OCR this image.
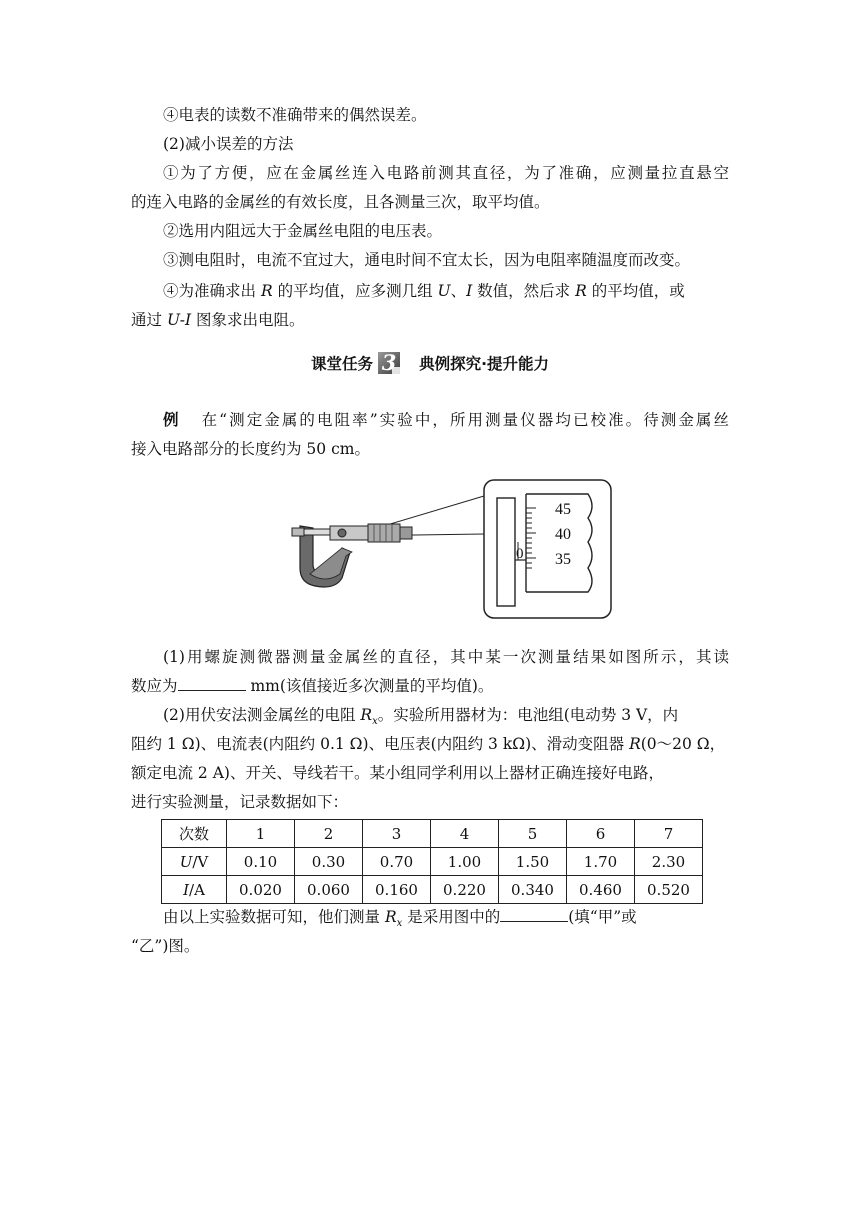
④电表的读数不准确带来的偶然误差。
(2)减小误差的方法
①为了方便，应在金属丝连入电路前测其直径，为了准确，应测量拉直悬空
的连入电路的金属丝的有效长度，且各测量三次，取平均值。
②选用内阻远大于金属丝电阻的电压表。
③测电阻时，电流不宜过大，通电时间不宜太长，因为电阻率随温度而改变。
④为准确求出 R 的平均值，应多测几组 U、I 数值，然后求 R 的平均值，或
通过 U-I 图象求出电阻。
课堂任务 3 典例探究·提升能力
例 在“测定金属的电阻率”实验中，所用测量仪器均已校准。待测金属丝
接入电路部分的长度约为 50 cm。
45
40
35
0
(1)用螺旋测微器测量金属丝的直径，其中某一次测量结果如图所示，其读
数应为	mm(该值接近多次测量的平均值)。
(2)用伏安法测金属丝的电阻 $R_x$。实验所用器材为：电池组(电动势 3 V，内
阻约 1 Ω)、电流表(内阻约 0.1 Ω)、电压表(内阻约 3 kΩ)、滑动变阻器 R(0～20 Ω，
额定电流 2 A)、开关、导线若干。某小组同学利用以上器材正确连接好电路，
进行实验测量，记录数据如下：
次数	1	2	3	4	5	6	7
U/V	0.10	0.30	0.70	1.00	1.50	1.70	2.30
I/A	0.020	0.060	0.160	0.220	0.340	0.460	0.520
由以上实验数据可知，他们测量 $R_x$ 是采用图中的	(填“甲”或
“乙”)图。
